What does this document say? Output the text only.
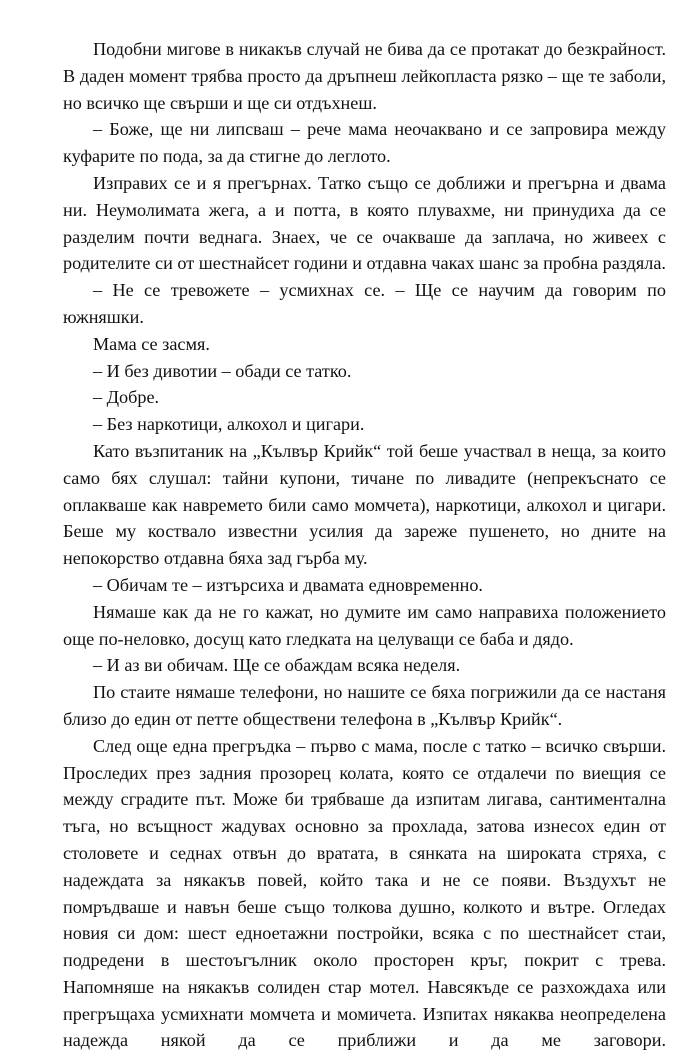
Подобни мигове в никакъв случай не бива да се протакат до безкрайност. В даден момент трябва просто да дръпнеш лейкопласта рязко – ще те заболи, но всичко ще свърши и ще си отдъхнеш.

– Боже, ще ни липсваш – рече мама неочаквано и се запровира между куфарите по пода, за да стигне до леглото.

Изправих се и я прегърнах. Татко също се доближи и прегърна и двама ни. Неумолимата жега, а и потта, в която плувахме, ни принудиха да се разделим почти веднага. Знаех, че се очакваше да заплача, но живеех с родителите си от шестнайсет години и отдавна чаках шанс за пробна раздяла.

– Не се тревожете – усмихнах се. – Ще се научим да говорим по южняшки.

Мама се засмя.

– И без дивотии – обади се татко.

– Добре.

– Без наркотици, алкохол и цигари.

Като възпитаник на „Кълвър Крийк“ той беше участвал в неща, за които само бях слушал: тайни купони, тичане по ливадите (непрекъснато се оплакваше как навремето били само момчета), наркотици, алкохол и цигари. Беше му коствало известни усилия да зареже пушенето, но дните на непокорство отдавна бяха зад гърба му.

– Обичам те – изтърсиха и двамата едновременно.

Нямаше как да не го кажат, но думите им само направиха положението още по-неловко, досущ като гледката на целуващи се баба и дядо.

– И аз ви обичам. Ще се обаждам всяка неделя.

По стаите нямаше телефони, но нашите се бяха погрижили да се настаня близо до един от петте обществени телефона в „Кълвър Крийк“.

След още една прегръдка – първо с мама, после с татко – всичко свърши. Проследих през задния прозорец колата, която се отдалечи по виещия се между сградите път. Може би трябваше да изпитам лигава, сантиментална тъга, но всъщност жадувах основно за прохлада, затова изнесох един от столовете и седнах отвън до вратата, в сянката на широката стряха, с надеждата за някакъв повей, който така и не се появи. Въздухът не помръдваше и навън беше също толкова душно, колкото и вътре. Огледах новия си дом: шест едноетажни постройки, всяка с по шестнайсет стаи, подредени в шестоъгълник около просторен кръг, покрит с трева. Напомняше на някакъв солиден стар мотел. Навсякъде се разхождаха или прегръщаха усмихнати момчета и момичета. Изпитах някаква неопределена надежда някой да се приближи и да ме заговори.
